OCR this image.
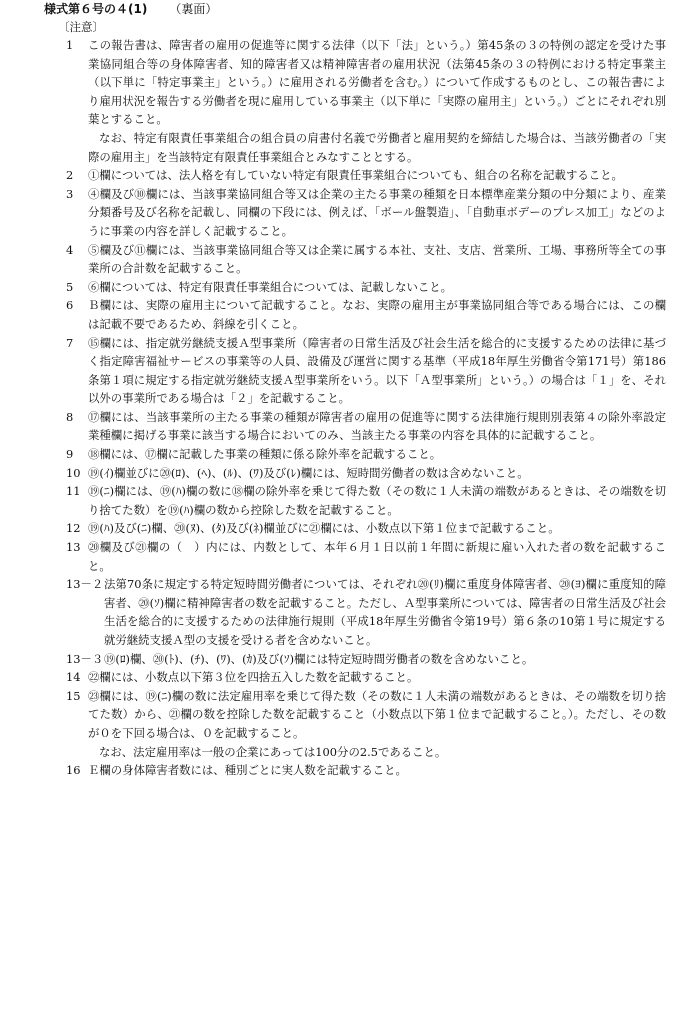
様式第６号の４(1) （裏面）
〔注意〕
1 この報告書は、障害者の雇用の促進等に関する法律（以下「法」という。）第45条の３の特例の認定を受けた事業協同組合等の身体障害者、知的障害者又は精神障害者の雇用状況（法第45条の３の特例における特定事業主（以下単に「特定事業主」という。）に雇用される労働者を含む。）について作成するものとし、この報告書により雇用状況を報告する労働者を現に雇用している事業主（以下単に「実際の雇用主」という。）ごとにそれぞれ別葉とすること。
なお、特定有限責任事業組合の組合員の肩書付名義で労働者と雇用契約を締結した場合は、当該労働者の「実際の雇用主」を当該特定有限責任事業組合とみなすこととする。
2 ①欄については、法人格を有していない特定有限責任事業組合についても、組合の名称を記載すること。
3 ④欄及び⑩欄には、当該事業協同組合等又は企業の主たる事業の種類を日本標準産業分類の中分類により、産業分類番号及び名称を記載し、同欄の下段には、例えば、「ボール盤製造」、「自動車ボデーのプレス加工」などのように事業の内容を詳しく記載すること。
4 ⑤欄及び⑪欄には、当該事業協同組合等又は企業に属する本社、支社、支店、営業所、工場、事務所等全ての事業所の合計数を記載すること。
5 ⑥欄については、特定有限責任事業組合については、記載しないこと。
6 Ｂ欄には、実際の雇用主について記載すること。なお、実際の雇用主が事業協同組合等である場合には、この欄は記載不要であるため、斜線を引くこと。
7 ⑮欄には、指定就労継続支援Ａ型事業所（障害者の日常生活及び社会生活を総合的に支援するための法律に基づく指定障害福祉サービスの事業等の人員、設備及び運営に関する基準（平成18年厚生労働省令第171号）第186条第１項に規定する指定就労継続支援Ａ型事業所をいう。以下「Ａ型事業所」という。）の場合は「１」を、それ以外の事業所である場合は「２」を記載すること。
8 ⑰欄には、当該事業所の主たる事業の種類が障害者の雇用の促進等に関する法律施行規則別表第４の除外率設定業種欄に掲げる事業に該当する場合においてのみ、当該主たる事業の内容を具体的に記載すること。
9 ⑱欄には、⑰欄に記載した事業の種類に係る除外率を記載すること。
10 ⑲(ｲ)欄並びに⑳(ﾛ)、(ﾍ)、(ﾙ)、(ﾜ)及び(ﾚ)欄には、短時間労働者の数は含めないこと。
11 ⑲(ﾆ)欄には、⑲(ﾊ)欄の数に⑱欄の除外率を乗じて得た数（その数に１人未満の端数があるときは、その端数を切り捨てた数）を⑲(ﾊ)欄の数から控除した数を記載すること。
12 ⑲(ﾊ)及び(ﾆ)欄、⑳(ﾇ)、(ﾀ)及び(ﾈ)欄並びに㉑欄には、小数点以下第１位まで記載すること。
13 ⑳欄及び㉑欄の（　）内には、内数として、本年６月１日以前１年間に新規に雇い入れた者の数を記載すること。
13－２ 法第70条に規定する特定短時間労働者については、それぞれ⑳(ﾘ)欄に重度身体障害者、⑳(ﾖ)欄に重度知的障害者、⑳(ｿ)欄に精神障害者の数を記載すること。ただし、Ａ型事業所については、障害者の日常生活及び社会生活を総合的に支援するための法律施行規則（平成18年厚生労働省令第19号）第６条の10第１号に規定する就労継続支援Ａ型の支援を受ける者を含めないこと。
13－３ ⑲(ﾛ)欄、⑳(ﾄ)、(ﾁ)、(ﾜ)、(ｶ)及び(ｿ)欄には特定短時間労働者の数を含めないこと。
14 ㉒欄には、小数点以下第３位を四捨五入した数を記載すること。
15 ㉓欄には、⑲(ﾆ)欄の数に法定雇用率を乗じて得た数（その数に１人未満の端数があるときは、その端数を切り捨てた数）から、㉑欄の数を控除した数を記載すること（小数点以下第１位まで記載すること。）。ただし、その数が０を下回る場合は、０を記載すること。
なお、法定雇用率は一般の企業にあっては100分の2.5であること。
16 Ｅ欄の身体障害者数には、種別ごとに実人数を記載すること。
